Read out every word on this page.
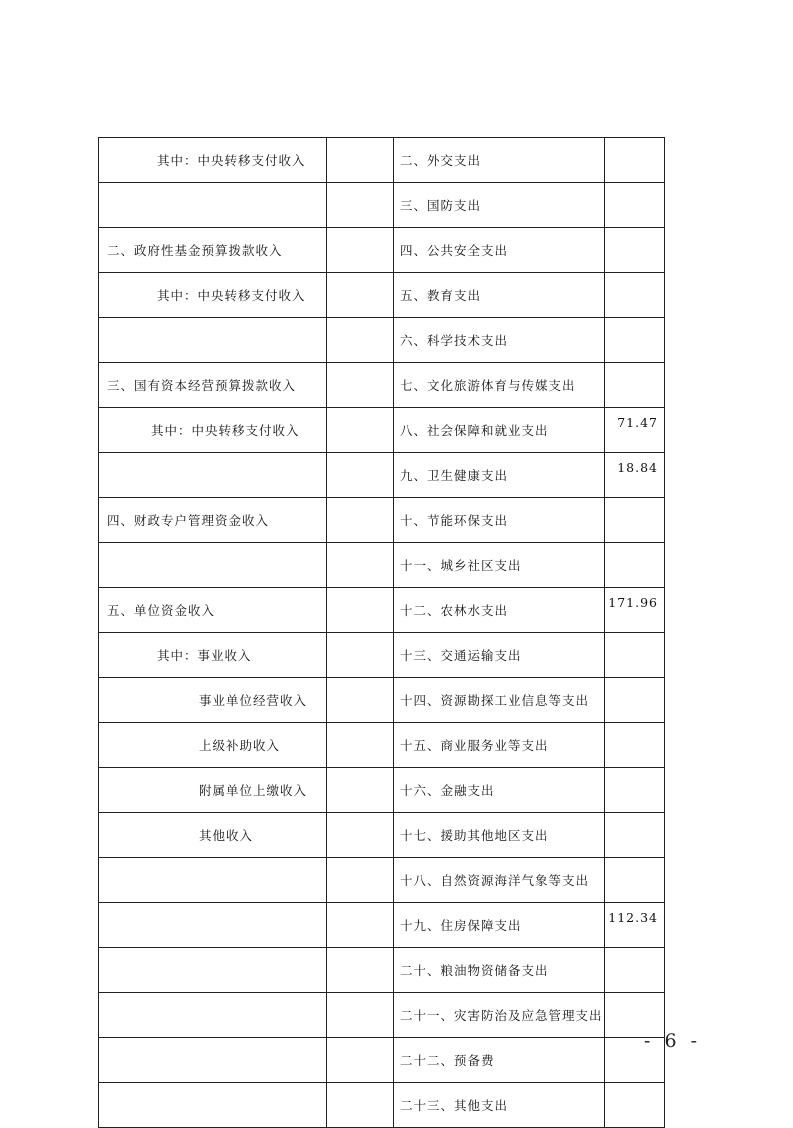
其中：中央转移支付收入		二、外交支出	
		三、国防支出	
二、政府性基金预算拨款收入		四、公共安全支出	
其中：中央转移支付收入		五、教育支出	
		六、科学技术支出	
三、国有资本经营预算拨款收入		七、文化旅游体育与传媒支出	
其中：中央转移支付收入		八、社会保障和就业支出	71.47
		九、卫生健康支出	18.84
四、财政专户管理资金收入		十、节能环保支出	
		十一、城乡社区支出	
五、单位资金收入		十二、农林水支出	171.96
其中：事业收入		十三、交通运输支出	
事业单位经营收入		十四、资源勘探工业信息等支出	
上级补助收入		十五、商业服务业等支出	
附属单位上缴收入		十六、金融支出	
其他收入		十七、援助其他地区支出	
		十八、自然资源海洋气象等支出	
		十九、住房保障支出	112.34
		二十、粮油物资储备支出	
		二十一、灾害防治及应急管理支出	
		二十二、预备费	
		二十三、其他支出	
- 6 -
